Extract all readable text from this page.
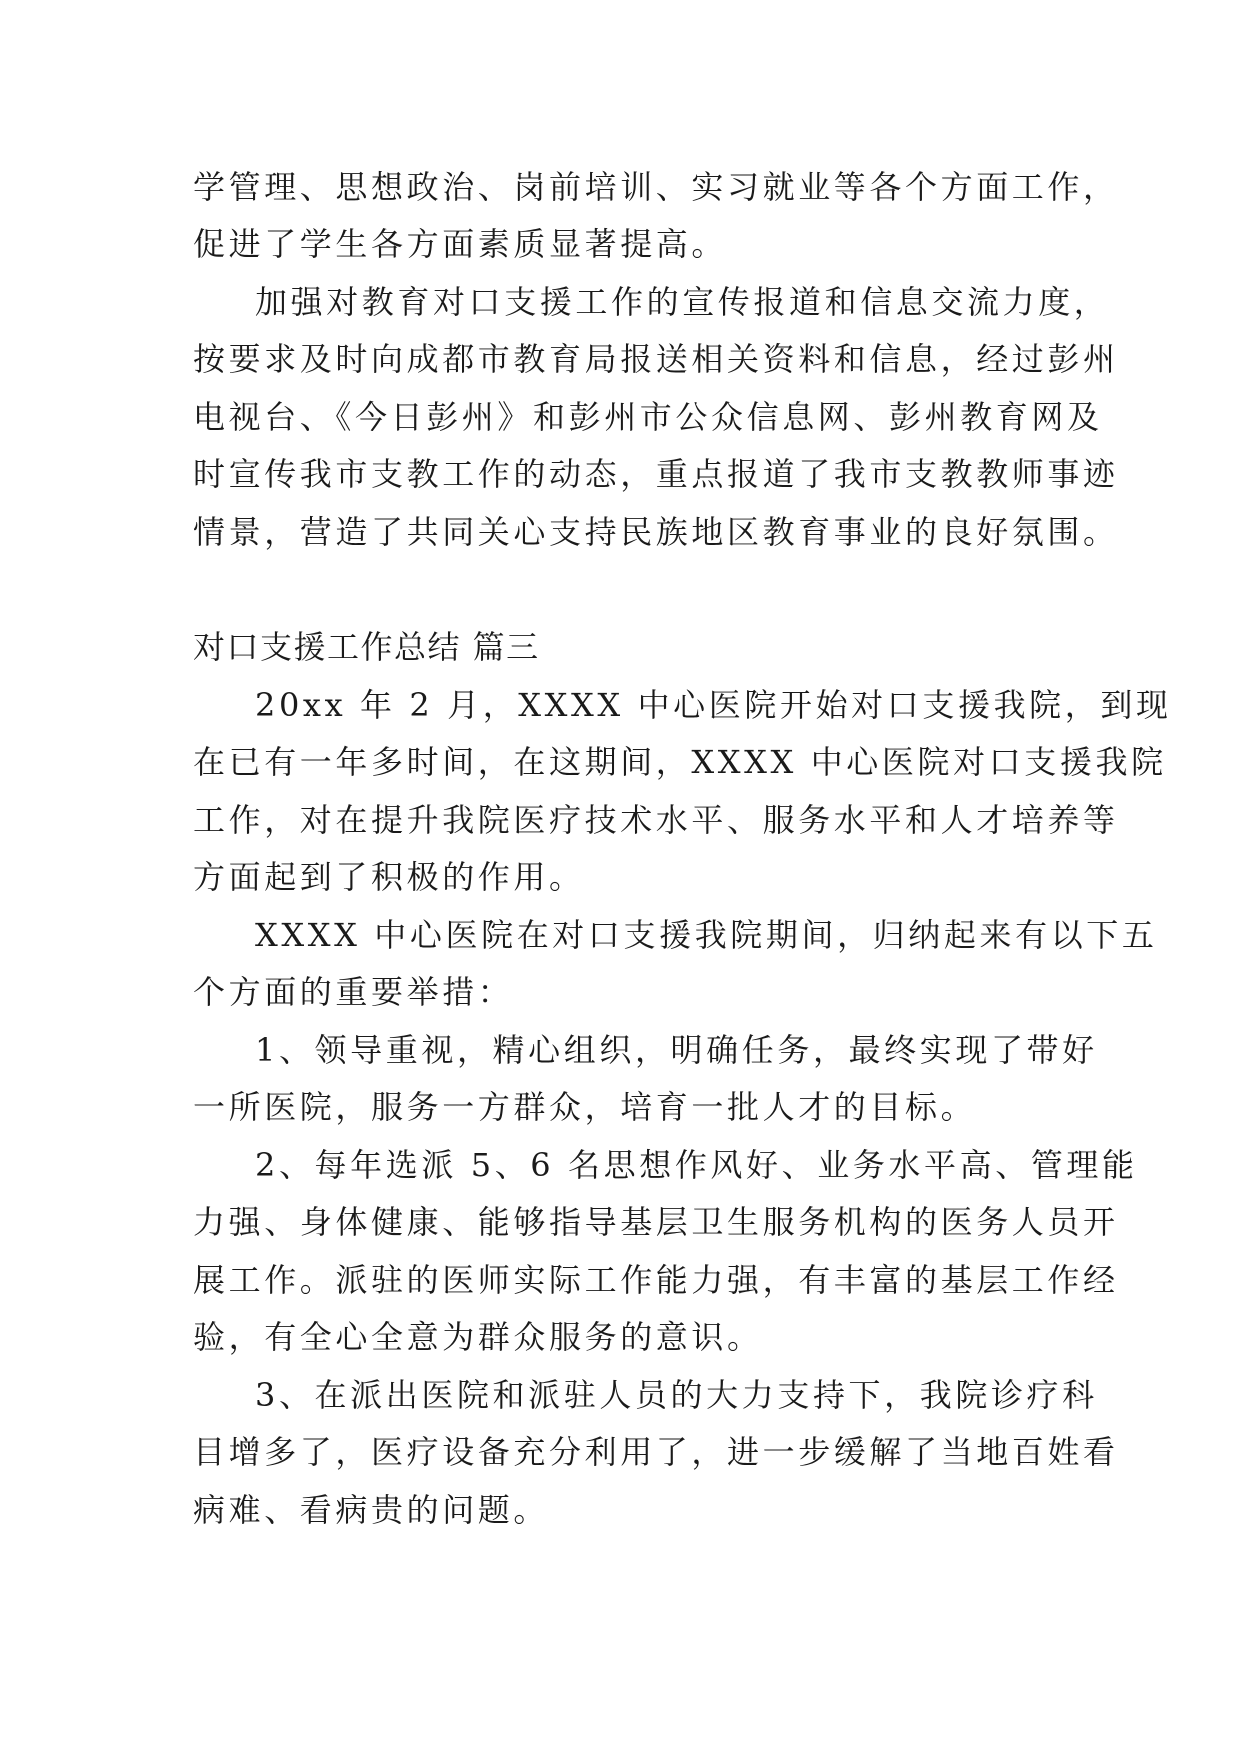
学管理、思想政治、岗前培训、实习就业等各个方面工作，

促进了学生各方面素质显著提高。

加强对教育对口支援工作的宣传报道和信息交流力度，

按要求及时向成都市教育局报送相关资料和信息，经过彭州

电视台、《今日彭州》和彭州市公众信息网、彭州教育网及

时宣传我市支教工作的动态，重点报道了我市支教教师事迹

情景，营造了共同关心支持民族地区教育事业的良好氛围。

对口支援工作总结 篇三

20xx 年 2 月，XXXX 中心医院开始对口支援我院，到现

在已有一年多时间，在这期间，XXXX 中心医院对口支援我院

工作，对在提升我院医疗技术水平、服务水平和人才培养等

方面起到了积极的作用。

XXXX 中心医院在对口支援我院期间，归纳起来有以下五

个方面的重要举措：

1、领导重视，精心组织，明确任务，最终实现了带好

一所医院，服务一方群众，培育一批人才的目标。

2、每年选派 5、6 名思想作风好、业务水平高、管理能

力强、身体健康、能够指导基层卫生服务机构的医务人员开

展工作。派驻的医师实际工作能力强，有丰富的基层工作经

验，有全心全意为群众服务的意识。

3、在派出医院和派驻人员的大力支持下，我院诊疗科

目增多了，医疗设备充分利用了，进一步缓解了当地百姓看

病难、看病贵的问题。
